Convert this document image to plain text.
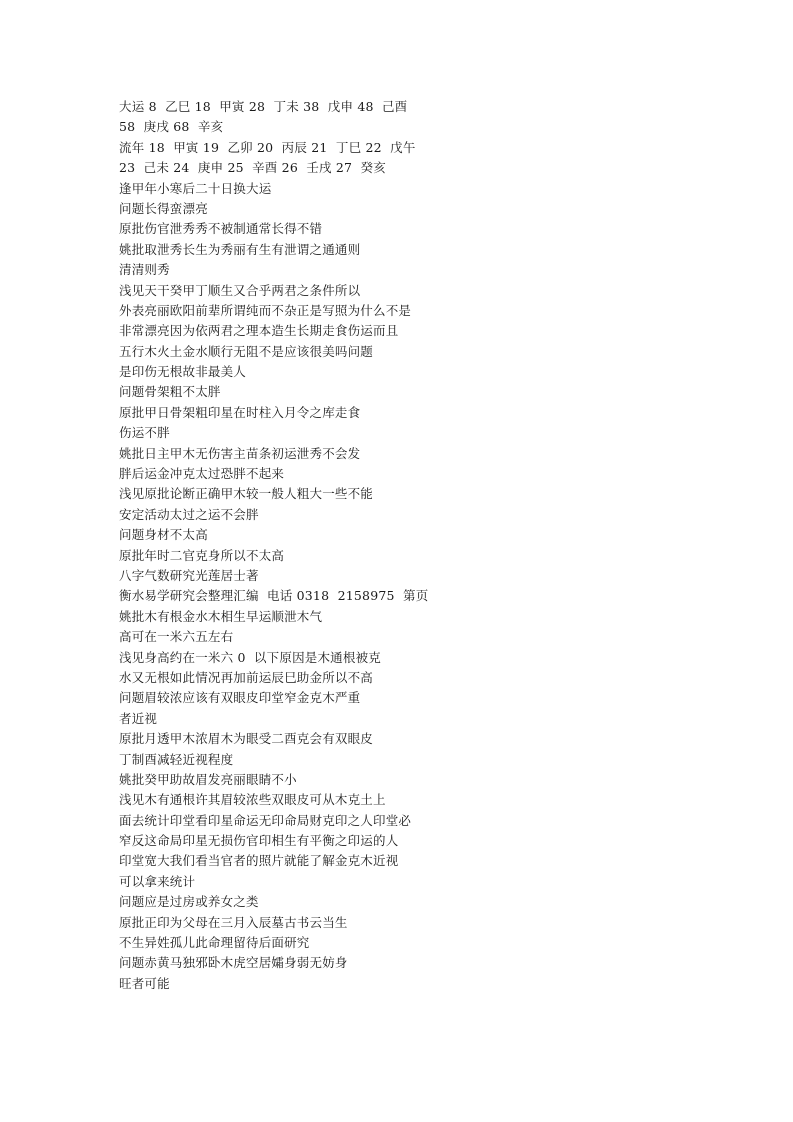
大运 8  乙巳 18  甲寅 28  丁未 38  戊申 48  己酉
58  庚戌 68  辛亥
流年 18  甲寅 19  乙卯 20  丙辰 21  丁巳 22  戊午
23  己未 24  庚申 25  辛酉 26  壬戌 27  癸亥
逢甲年小寒后二十日换大运
问题长得蛮漂亮
原批伤官泄秀秀不被制通常长得不错
姚批取泄秀长生为秀丽有生有泄谓之通通则
清清则秀
浅见天干癸甲丁顺生又合乎两君之条件所以
外表亮丽欧阳前辈所谓纯而不杂正是写照为什么不是
非常漂亮因为依两君之理本造生长期走食伤运而且
五行木火土金水顺行无阻不是应该很美吗问题
是印伤无根故非最美人
问题骨架粗不太胖
原批甲日骨架粗印星在时柱入月令之库走食
伤运不胖
姚批日主甲木无伤害主苗条初运泄秀不会发
胖后运金冲克太过恐胖不起来
浅见原批论断正确甲木较一般人粗大一些不能
安定活动太过之运不会胖
问题身材不太高
原批年时二官克身所以不太高
八字气数研究光莲居士著
衡水易学研究会整理汇编  电话 0318  2158975  第页
姚批木有根金水木相生早运顺泄木气
高可在一米六五左右
浅见身高约在一米六 0  以下原因是木通根被克
水又无根如此情况再加前运辰巳助金所以不高
问题眉较浓应该有双眼皮印堂窄金克木严重
者近视
原批月透甲木浓眉木为眼受二酉克会有双眼皮
丁制酉减轻近视程度
姚批癸甲助故眉发亮丽眼睛不小
浅见木有通根许其眉较浓些双眼皮可从木克土上
面去统计印堂看印星命运无印命局财克印之人印堂必
窄反这命局印星无损伤官印相生有平衡之印运的人
印堂宽大我们看当官者的照片就能了解金克木近视
可以拿来统计
问题应是过房或养女之类
原批正印为父母在三月入辰墓古书云当生
不生异姓孤儿此命理留待后面研究
问题赤黄马独邪卧木虎空居孀身弱无妨身
旺者可能
